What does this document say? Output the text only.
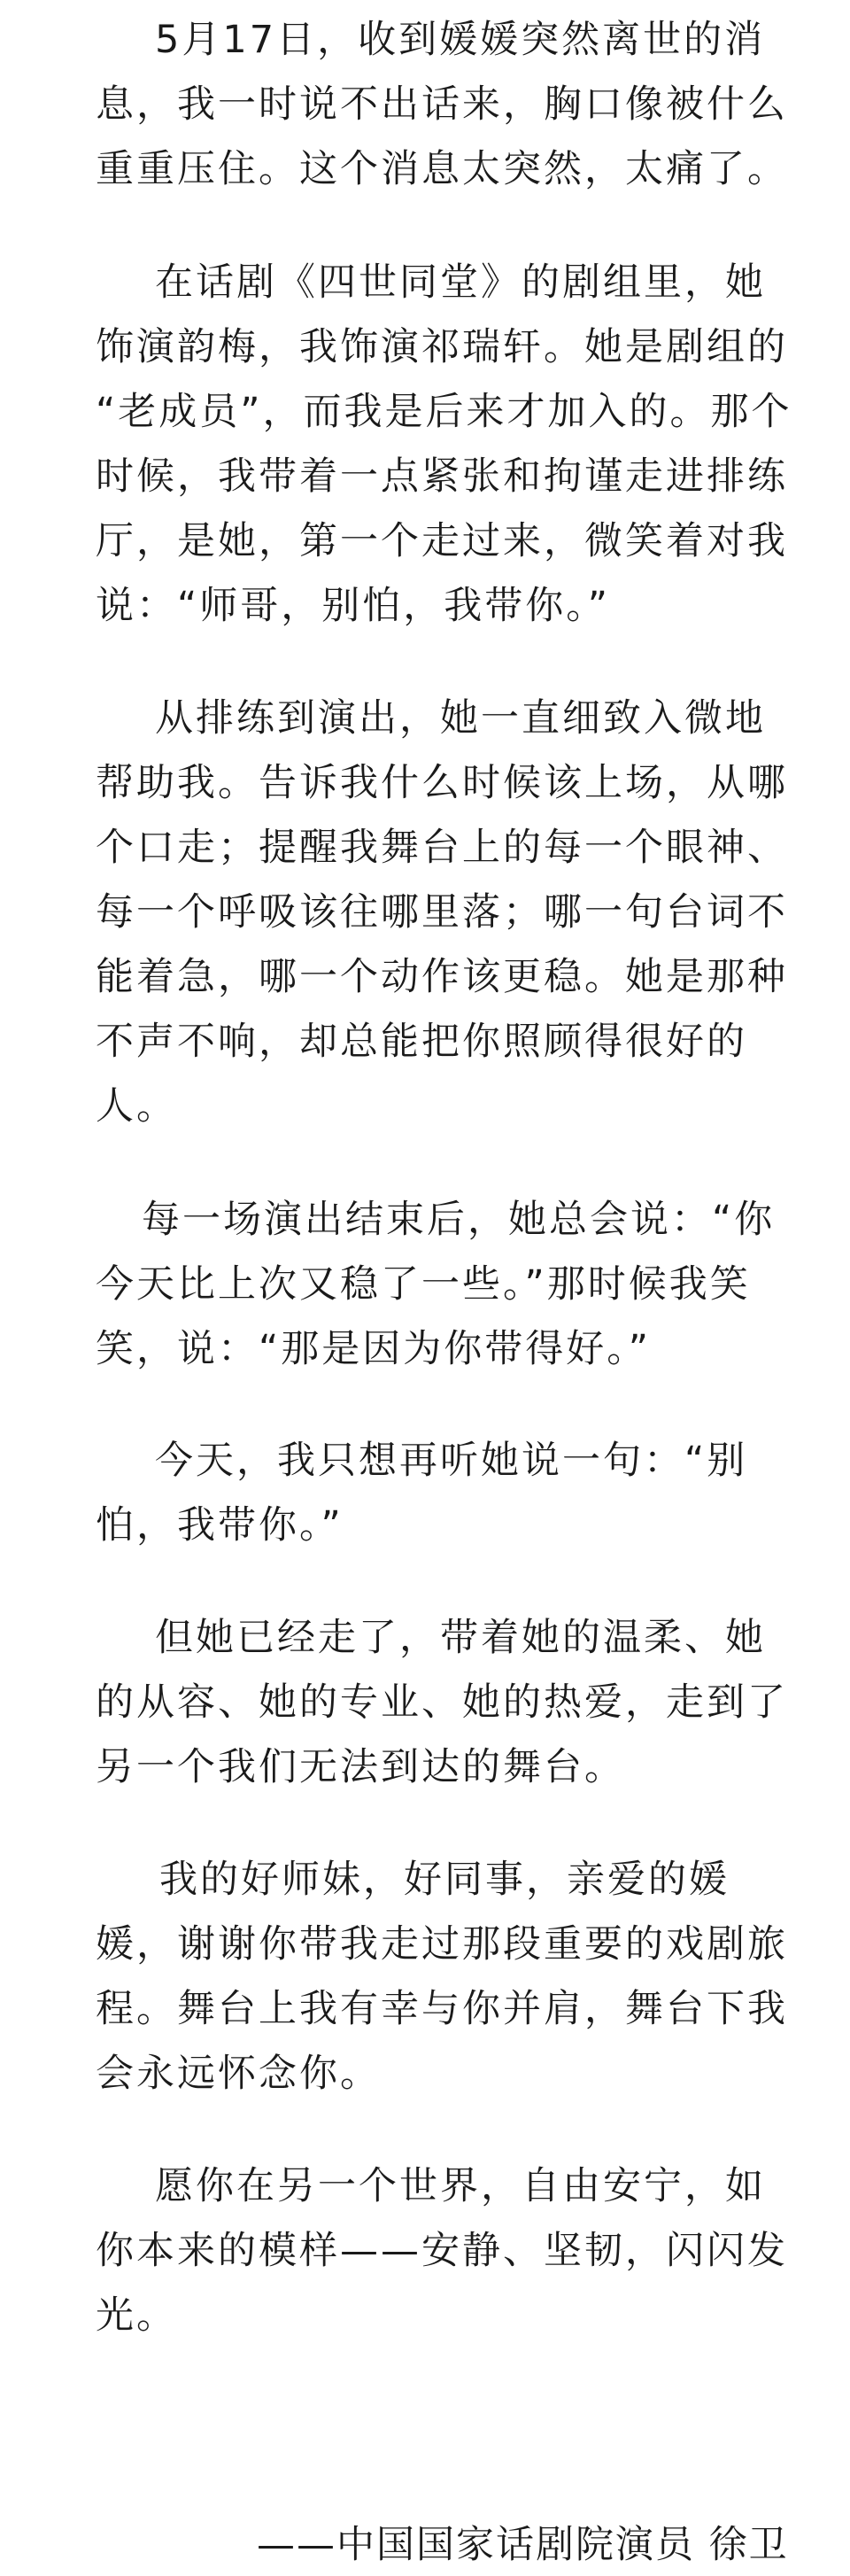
5月17日，收到媛媛突然离世的消
息，我一时说不出话来，胸口像被什么
重重压住。这个消息太突然，太痛了。
在话剧《四世同堂》的剧组里，她
饰演韵梅，我饰演祁瑞轩。她是剧组的
“老成员”，而我是后来才加入的。那个
时候，我带着一点紧张和拘谨走进排练
厅，是她，第一个走过来，微笑着对我
说：“师哥，别怕，我带你。”
从排练到演出，她一直细致入微地
帮助我。告诉我什么时候该上场，从哪
个口走；提醒我舞台上的每一个眼神、
每一个呼吸该往哪里落；哪一句台词不
能着急，哪一个动作该更稳。她是那种
不声不响，却总能把你照顾得很好的
人。
每一场演出结束后，她总会说：“你
今天比上次又稳了一些。”那时候我笑
笑，说：“那是因为你带得好。”
今天，我只想再听她说一句：“别
怕，我带你。”
但她已经走了，带着她的温柔、她
的从容、她的专业、她的热爱，走到了
另一个我们无法到达的舞台。
我的好师妹，好同事，亲爱的媛
媛，谢谢你带我走过那段重要的戏剧旅
程。舞台上我有幸与你并肩，舞台下我
会永远怀念你。
愿你在另一个世界，自由安宁，如
你本来的模样——安静、坚韧，闪闪发
光。
——中国国家话剧院演员 徐卫
